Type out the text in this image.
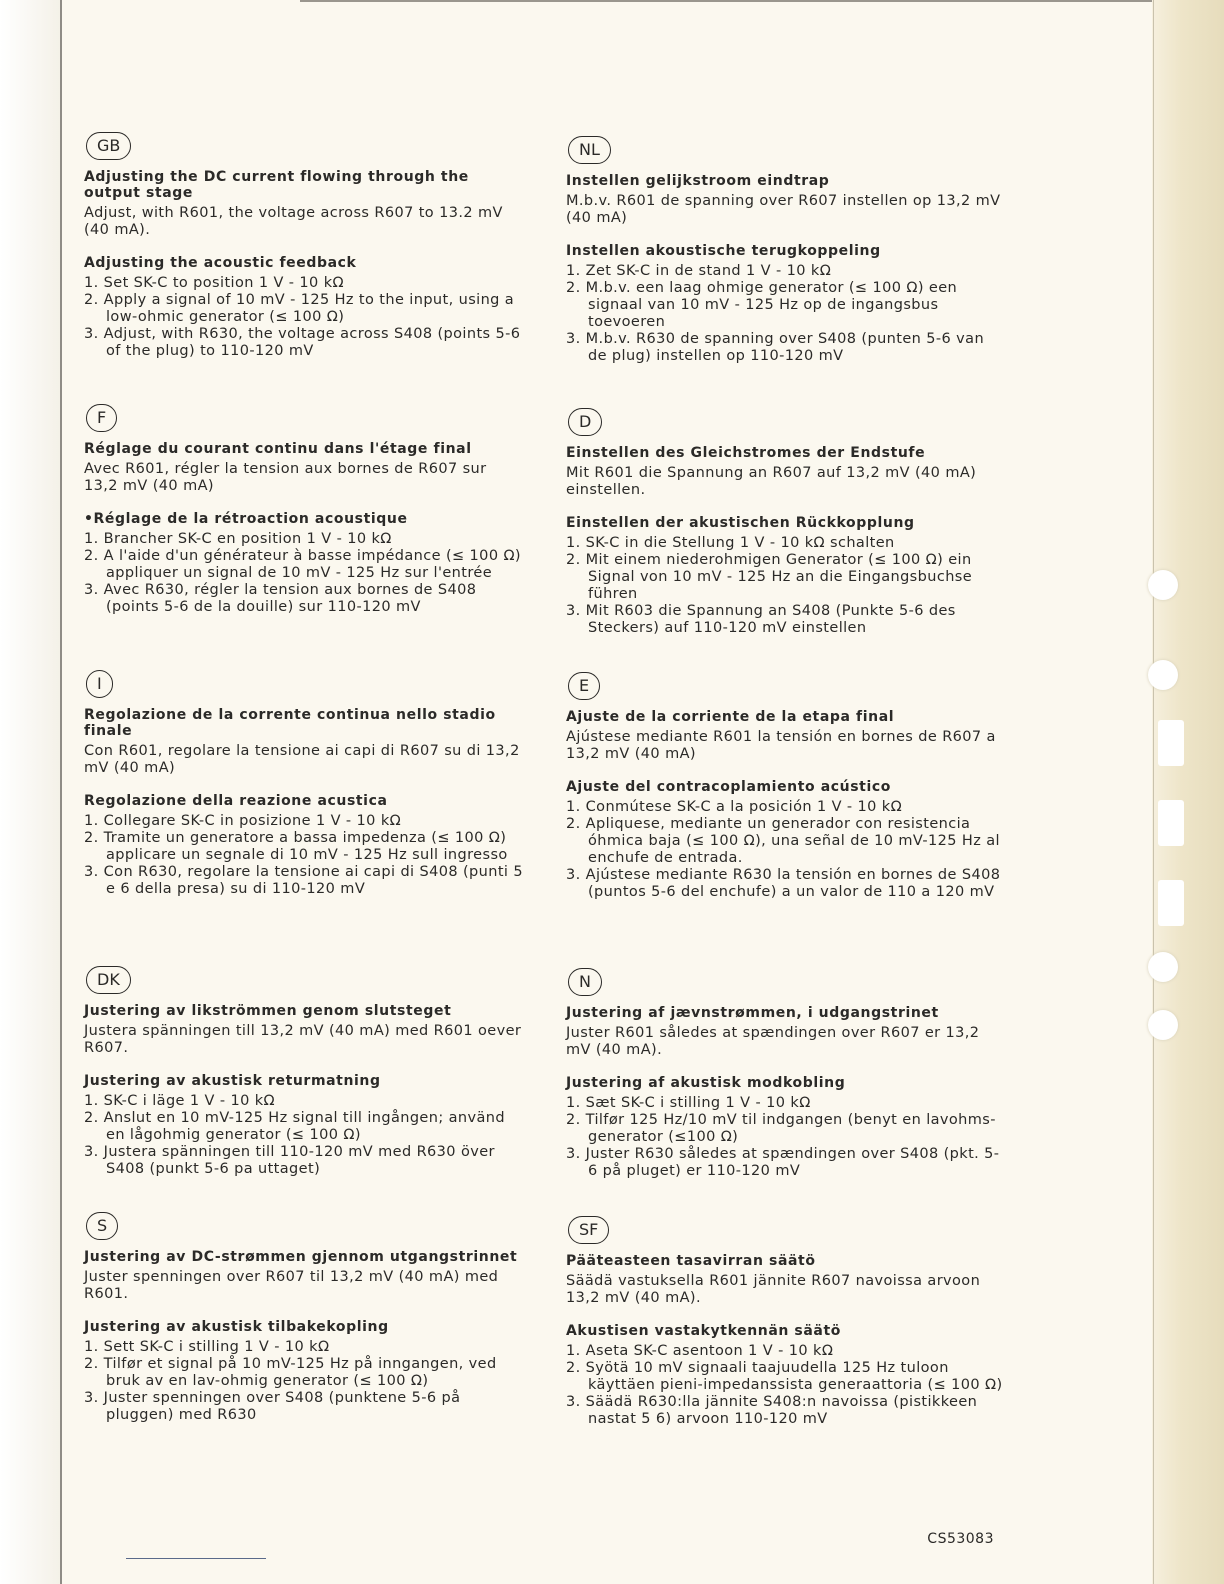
GB
Adjusting the DC current flowing through the output stage
Adjust, with R601, the voltage across R607 to 13.2 mV (40 mA).
Adjusting the acoustic feedback
1. Set SK-C to position 1 V - 10 kΩ
2. Apply a signal of 10 mV - 125 Hz to the input, using a low-ohmic generator (≤ 100 Ω)
3. Adjust, with R630, the voltage across S408 (points 5-6 of the plug) to 110-120 mV
F
Réglage du courant continu dans l'étage final
Avec R601, régler la tension aux bornes de R607 sur 13,2 mV (40 mA)
•Réglage de la rétroaction acoustique
1. Brancher SK-C en position 1 V - 10 kΩ
2. A l'aide d'un générateur à basse impédance (≤ 100 Ω) appliquer un signal de 10 mV - 125 Hz sur l'entrée
3. Avec R630, régler la tension aux bornes de S408 (points 5-6 de la douille) sur 110-120 mV
I
Regolazione de la corrente continua nello stadio finale
Con R601, regolare la tensione ai capi di R607 su di 13,2 mV (40 mA)
Regolazione della reazione acustica
1. Collegare SK-C in posizione 1 V - 10 kΩ
2. Tramite un generatore a bassa impedenza (≤ 100 Ω) applicare un segnale di 10 mV - 125 Hz sull ingresso
3. Con R630, regolare la tensione ai capi di S408 (punti 5 e 6 della presa) su di 110-120 mV
DK
Justering av likströmmen genom slutsteget
Justera spänningen till 13,2 mV (40 mA) med R601 oever R607.
Justering av akustisk returmatning
1. SK-C i läge 1 V - 10 kΩ
2. Anslut en 10 mV-125 Hz signal till ingången; använd en lågohmig generator (≤ 100 Ω)
3. Justera spänningen till 110-120 mV med R630 över S408 (punkt 5-6 pa uttaget)
S
Justering av DC-strømmen gjennom utgangstrinnet
Juster spenningen over R607 til 13,2 mV (40 mA) med R601.
Justering av akustisk tilbakekopling
1. Sett SK-C i stilling 1 V - 10 kΩ
2. Tilfør et signal på 10 mV-125 Hz på inngangen, ved bruk av en lav-ohmig generator (≤ 100 Ω)
3. Juster spenningen over S408 (punktene 5-6 på pluggen) med R630
NL
Instellen gelijkstroom eindtrap
M.b.v. R601 de spanning over R607 instellen op 13,2 mV (40 mA)
Instellen akoustische terugkoppeling
1. Zet SK-C in de stand 1 V - 10 kΩ
2. M.b.v. een laag ohmige generator (≤ 100 Ω) een signaal van 10 mV - 125 Hz op de ingangsbus toevoeren
3. M.b.v. R630 de spanning over S408 (punten 5-6 van de plug) instellen op 110-120 mV
D
Einstellen des Gleichstromes der Endstufe
Mit R601 die Spannung an R607 auf 13,2 mV (40 mA) einstellen.
Einstellen der akustischen Rückkopplung
1. SK-C in die Stellung 1 V - 10 kΩ schalten
2. Mit einem niederohmigen Generator (≤ 100 Ω) ein Signal von 10 mV - 125 Hz an die Eingangsbuchse führen
3. Mit R603 die Spannung an S408 (Punkte 5-6 des Steckers) auf 110-120 mV einstellen
E
Ajuste de la corriente de la etapa final
Ajústese mediante R601 la tensión en bornes de R607 a 13,2 mV (40 mA)
Ajuste del contracoplamiento acústico
1. Conmútese SK-C a la posición 1 V - 10 kΩ
2. Apliquese, mediante un generador con resistencia óhmica baja (≤ 100 Ω), una señal de 10 mV-125 Hz al enchufe de entrada.
3. Ajústese mediante R630 la tensión en bornes de S408 (puntos 5-6 del enchufe) a un valor de 110 a 120 mV
N
Justering af jævnstrømmen, i udgangstrinet
Juster R601 således at spændingen over R607 er 13,2 mV (40 mA).
Justering af akustisk modkobling
1. Sæt SK-C i stilling 1 V - 10 kΩ
2. Tilfør 125 Hz/10 mV til indgangen (benyt en lavohms-generator (≤100 Ω)
3. Juster R630 således at spændingen over S408 (pkt. 5-6 på pluget) er 110-120 mV
SF
Pääteasteen tasavirran säätö
Säädä vastuksella R601 jännite R607 navoissa arvoon 13,2 mV (40 mA).
Akustisen vastakytkennän säätö
1. Aseta SK-C asentoon 1 V - 10 kΩ
2. Syötä 10 mV signaali taajuudella 125 Hz tuloon käyttäen pieni-impedanssista generaattoria (≤ 100 Ω)
3. Säädä R630:lla jännite S408:n navoissa (pistikkeen nastat 5 6) arvoon 110-120 mV
CS53083
